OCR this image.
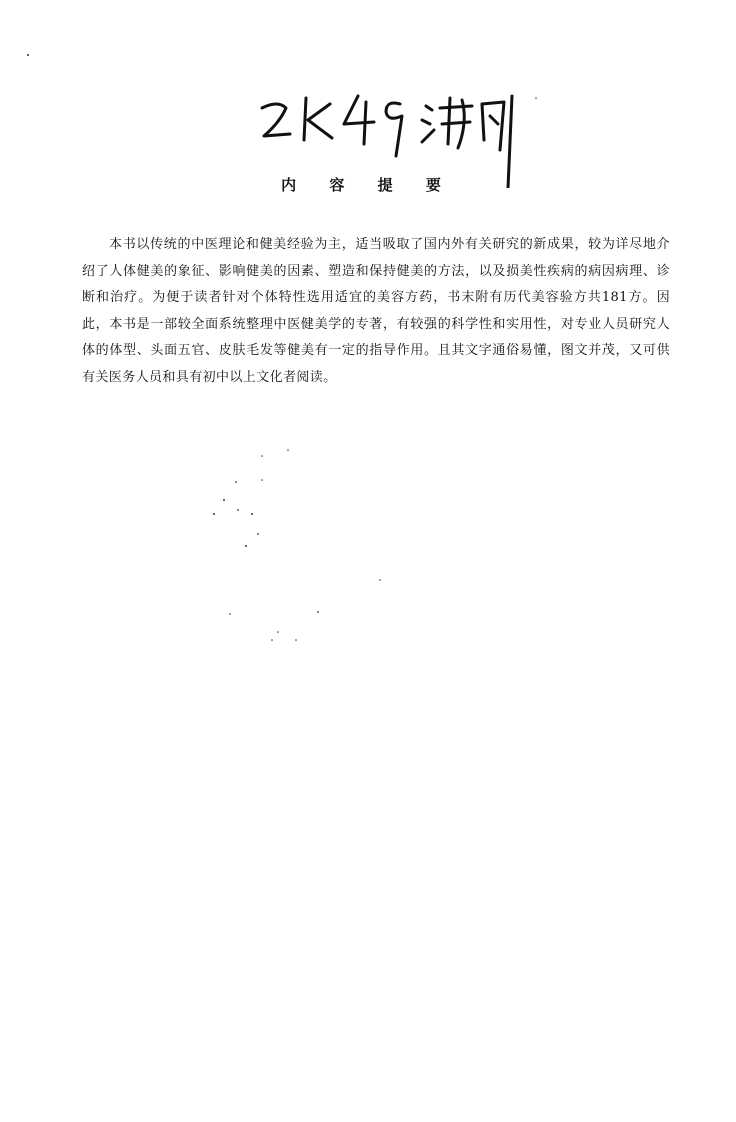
内 容 提 要

本书以传统的中医理论和健美经验为主，适当吸取了国内外有关研究的新成果，较为详尽地介绍了人体健美的象征、影响健美的因素、塑造和保持健美的方法，以及损美性疾病的病因病理、诊断和治疗。为便于读者针对个体特性选用适宜的美容方药，书末附有历代美容验方共181方。因此，本书是一部较全面系统整理中医健美学的专著，有较强的科学性和实用性，对专业人员研究人体的体型、头面五官、皮肤毛发等健美有一定的指导作用。且其文字通俗易懂，图文并茂，又可供有关医务人员和具有初中以上文化者阅读。
